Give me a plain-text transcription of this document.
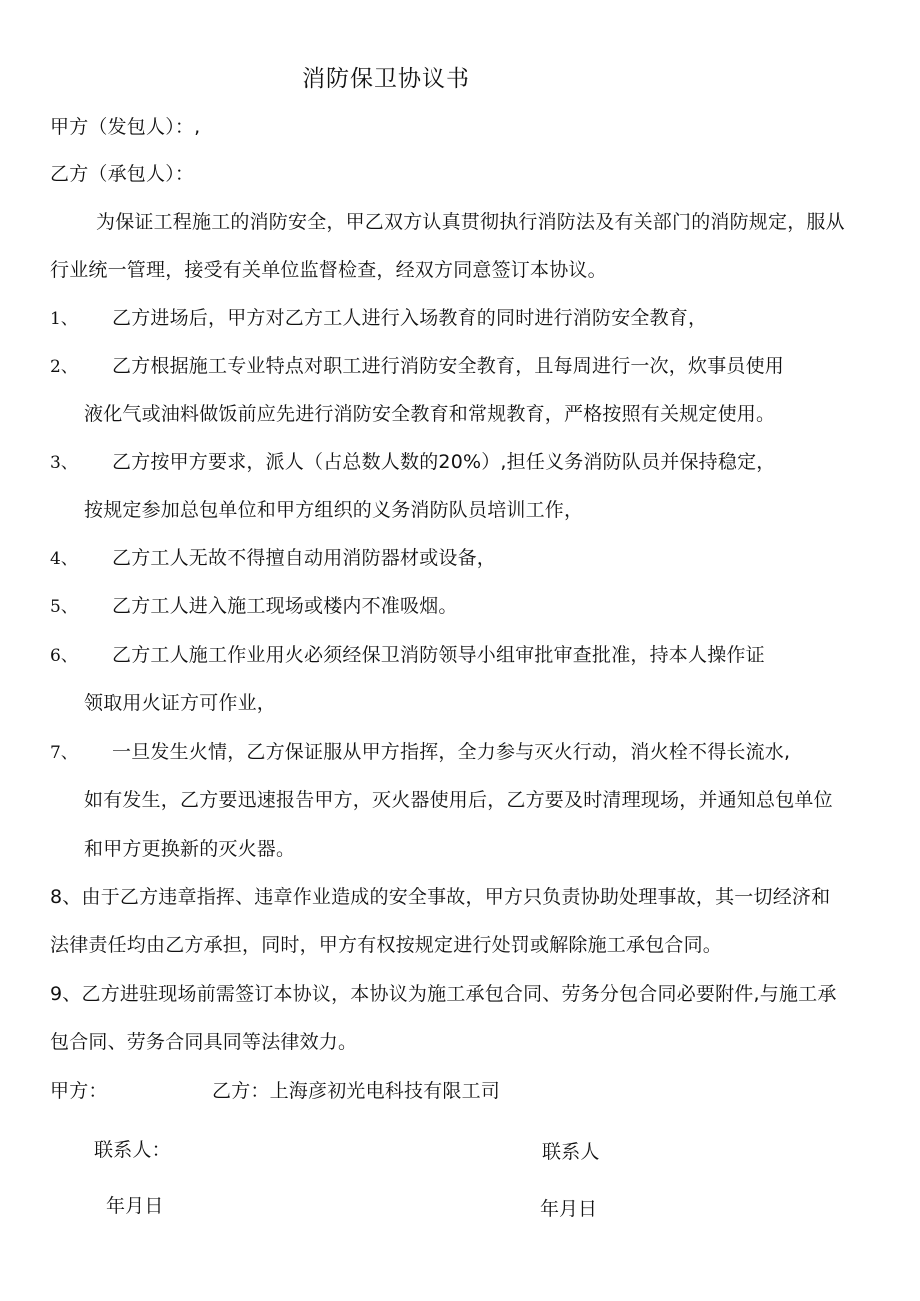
消防保卫协议书
甲方（发包人）：,
乙方（承包人）：
为保证工程施工的消防安全，甲乙双方认真贯彻执行消防法及有关部门的消防规定，服从
行业统一管理，接受有关单位监督检查，经双方同意签订本协议。
1、 乙方进场后，甲方对乙方工人进行入场教育的同时进行消防安全教育，
2、 乙方根据施工专业特点对职工进行消防安全教育，且每周进行一次，炊事员使用
液化气或油料做饭前应先进行消防安全教育和常规教育，严格按照有关规定使用。
3、 乙方按甲方要求，派人（占总数人数的20%）,担任义务消防队员并保持稳定，
按规定参加总包单位和甲方组织的义务消防队员培训工作，
4、 乙方工人无故不得擅自动用消防器材或设备，
5、 乙方工人进入施工现场或楼内不准吸烟。
6、 乙方工人施工作业用火必须经保卫消防领导小组审批审查批准，持本人操作证
领取用火证方可作业，
7、 一旦发生火情，乙方保证服从甲方指挥，全力参与灭火行动，消火栓不得长流水,
如有发生，乙方要迅速报告甲方，灭火器使用后，乙方要及时清理现场，并通知总包单位
和甲方更换新的灭火器。
8、由于乙方违章指挥、违章作业造成的安全事故，甲方只负责协助处理事故，其一切经济和
法律责任均由乙方承担，同时，甲方有权按规定进行处罚或解除施工承包合同。
9、乙方进驻现场前需签订本协议，本协议为施工承包合同、劳务分包合同必要附件,与施工承
包合同、劳务合同具同等法律效力。
甲方：	乙方：上海彦初光电科技有限工司
联系人：	联系人
年月日	年月日
